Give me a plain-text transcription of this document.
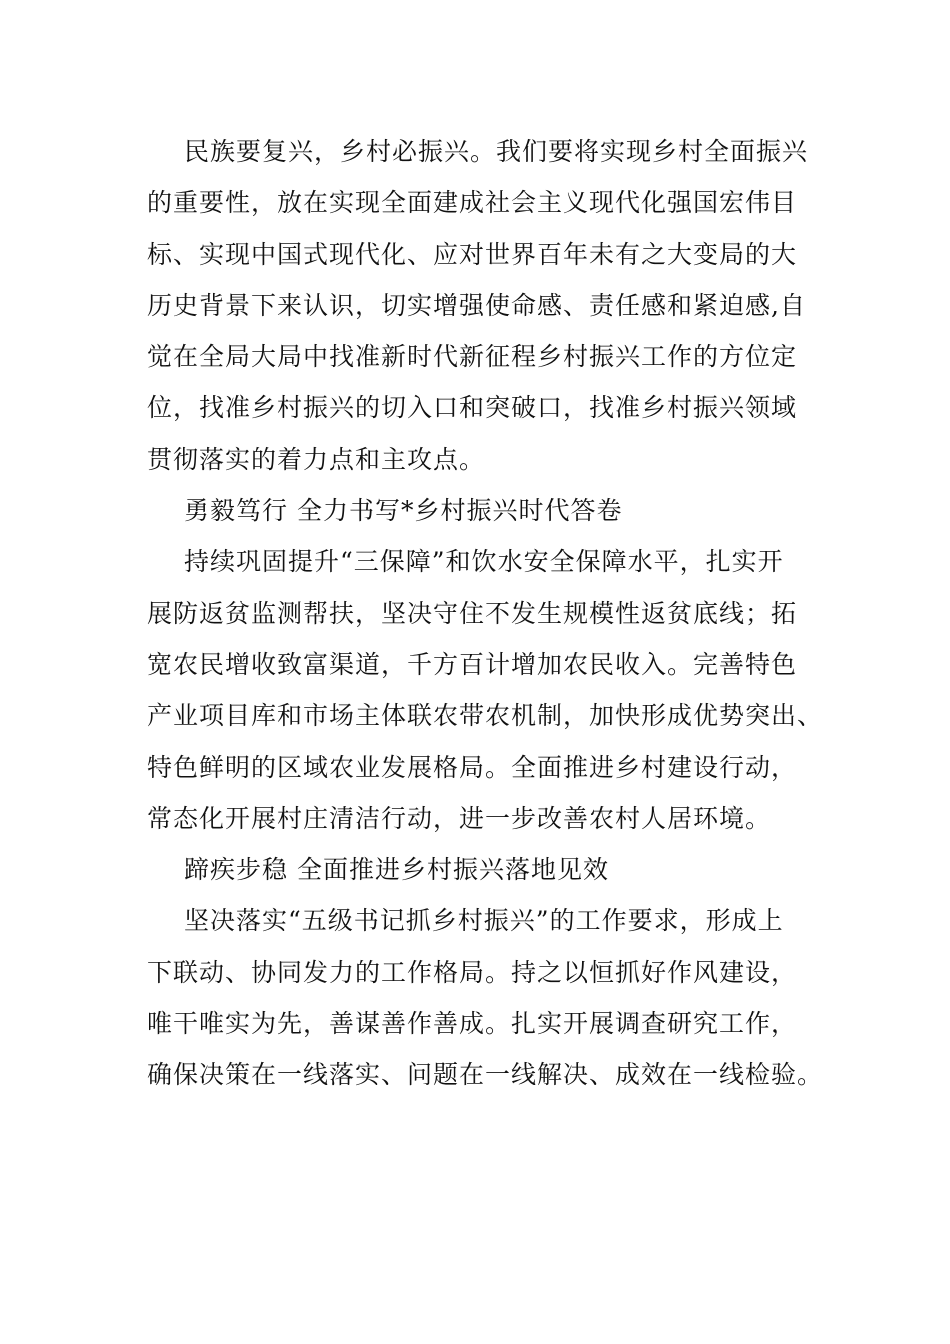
民族要复兴，乡村必振兴。我们要将实现乡村全面振兴
的重要性，放在实现全面建成社会主义现代化强国宏伟目
标、实现中国式现代化、应对世界百年未有之大变局的大
历史背景下来认识，切实增强使命感、责任感和紧迫感,自
觉在全局大局中找准新时代新征程乡村振兴工作的方位定
位，找准乡村振兴的切入口和突破口，找准乡村振兴领域
贯彻落实的着力点和主攻点。
勇毅笃行 全力书写*乡村振兴时代答卷
持续巩固提升“三保障”和饮水安全保障水平，扎实开
展防返贫监测帮扶，坚决守住不发生规模性返贫底线；拓
宽农民增收致富渠道，千方百计增加农民收入。完善特色
产业项目库和市场主体联农带农机制，加快形成优势突出、
特色鲜明的区域农业发展格局。全面推进乡村建设行动，
常态化开展村庄清洁行动，进一步改善农村人居环境。
蹄疾步稳 全面推进乡村振兴落地见效
坚决落实“五级书记抓乡村振兴”的工作要求，形成上
下联动、协同发力的工作格局。持之以恒抓好作风建设，
唯干唯实为先，善谋善作善成。扎实开展调查研究工作，
确保决策在一线落实、问题在一线解决、成效在一线检验。
